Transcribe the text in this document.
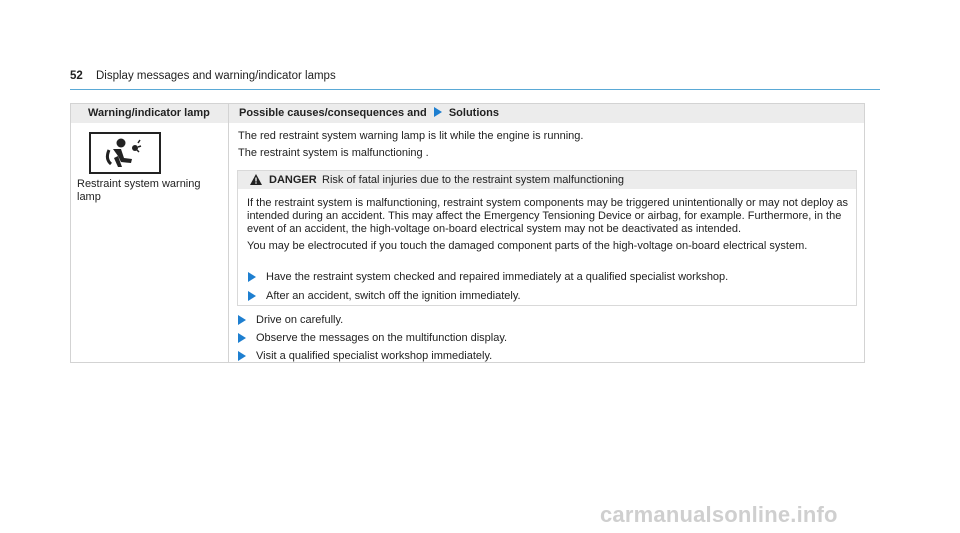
52 Display messages and warning/indicator lamps
Warning/indicator lamp	Possible causes/consequences and Solutions
Restraint system warning lamp
The red restraint system warning lamp is lit while the engine is running.
The restraint system is malfunctioning .
DANGER Risk of fatal injuries due to the restraint system malfunctioning
If the restraint system is malfunctioning, restraint system components may be triggered unintentionally or may not deploy as intended during an accident. This may affect the Emergency Tensioning Device or airbag, for example. Furthermore, in the event of an accident, the high-voltage on-board electrical system may not be deactivated as intended.
You may be electrocuted if you touch the damaged component parts of the high-voltage on-board electrical system.
Have the restraint system checked and repaired immediately at a qualified specialist workshop.
After an accident, switch off the ignition immediately.
Drive on carefully.
Observe the messages on the multifunction display.
Visit a qualified specialist workshop immediately.
carmanualsonline.info
